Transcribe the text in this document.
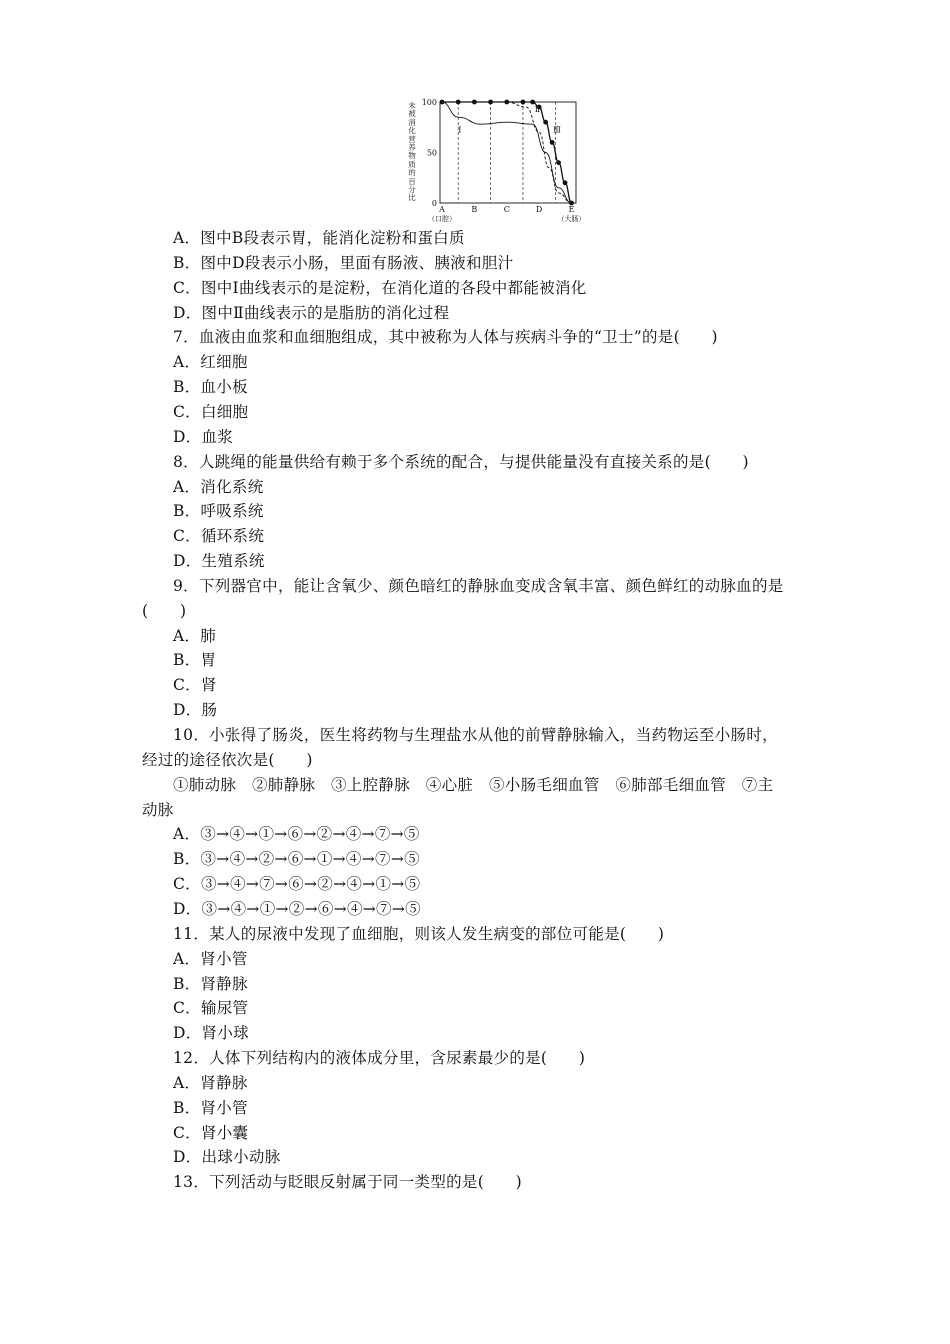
未被消化营养物质的百分比
Ⅰ
Ⅱ
Ⅲ
100
50
0
A	B	C	D	E
（口腔）	（大肠）
A．图中B段表示胃，能消化淀粉和蛋白质
B．图中D段表示小肠，里面有肠液、胰液和胆汁
C．图中Ⅰ曲线表示的是淀粉，在消化道的各段中都能被消化
D．图中Ⅱ曲线表示的是脂肪的消化过程
7．血液由血浆和血细胞组成，其中被称为人体与疾病斗争的“卫士”的是(　　)
A．红细胞
B．血小板
C．白细胞
D．血浆
8．人跳绳的能量供给有赖于多个系统的配合，与提供能量没有直接关系的是(　　)
A．消化系统
B．呼吸系统
C．循环系统
D．生殖系统
9．下列器官中，能让含氧少、颜色暗红的静脉血变成含氧丰富、颜色鲜红的动脉血的是
(　　)
A．肺
B．胃
C．肾
D．肠
10．小张得了肠炎，医生将药物与生理盐水从他的前臂静脉输入，当药物运至小肠时，
经过的途径依次是(　　)
①肺动脉　②肺静脉　③上腔静脉　④心脏　⑤小肠毛细血管　⑥肺部毛细血管　⑦主
动脉
A．③→④→①→⑥→②→④→⑦→⑤
B．③→④→②→⑥→①→④→⑦→⑤
C．③→④→⑦→⑥→②→④→①→⑤
D．③→④→①→②→⑥→④→⑦→⑤
11．某人的尿液中发现了血细胞，则该人发生病变的部位可能是(　　)
A．肾小管
B．肾静脉
C．输尿管
D．肾小球
12．人体下列结构内的液体成分里，含尿素最少的是(　　)
A．肾静脉
B．肾小管
C．肾小囊
D．出球小动脉
13．下列活动与眨眼反射属于同一类型的是(　　)
